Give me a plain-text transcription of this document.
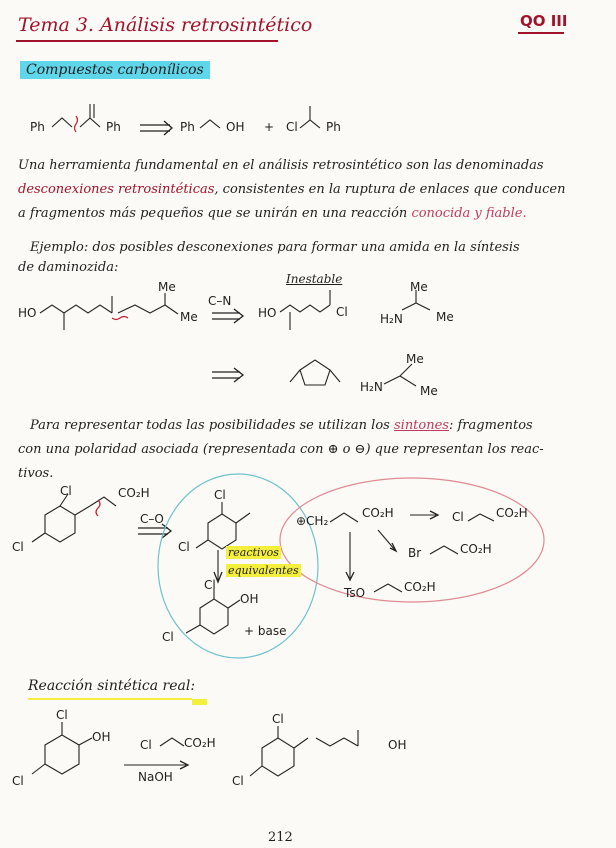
Tema 3. Análisis retrosintético	QO III
Compuestos carbonílicos
Ph	Ph	Ph	OH + Cl Ph
Una herramienta fundamental en el análisis retrosintético son las denominadas
desconexiones retrosintéticas, consistentes en la ruptura de enlaces que conducen
a fragmentos más pequeños que se unirán en una reacción conocida y fiable.
Ejemplo: dos posibles desconexiones para formar una amida en la síntesis
de daminozida:
HO
Me
Me
C–N
Inestable
HO	Cl	H₂N
Me
Me
H₂N
Me
Me
Para representar todas las posibilidades se utilizan los sintones: fragmentos
con una polaridad asociada (representada con ⊕ o ⊖) que representan los reac-
tivos.
Cl	CO₂H
Cl
C–O
Cl
Cl
⊕CH₂
CO₂H	Cl	CO₂H
Br	CO₂H
TsO	CO₂H
reactivos
equivalentes
Cl
OH
Cl	+ base
Reacción sintética real:
Cl
OH
Cl
Cl	CO₂H
NaOH
Cl
OH
Cl
212
